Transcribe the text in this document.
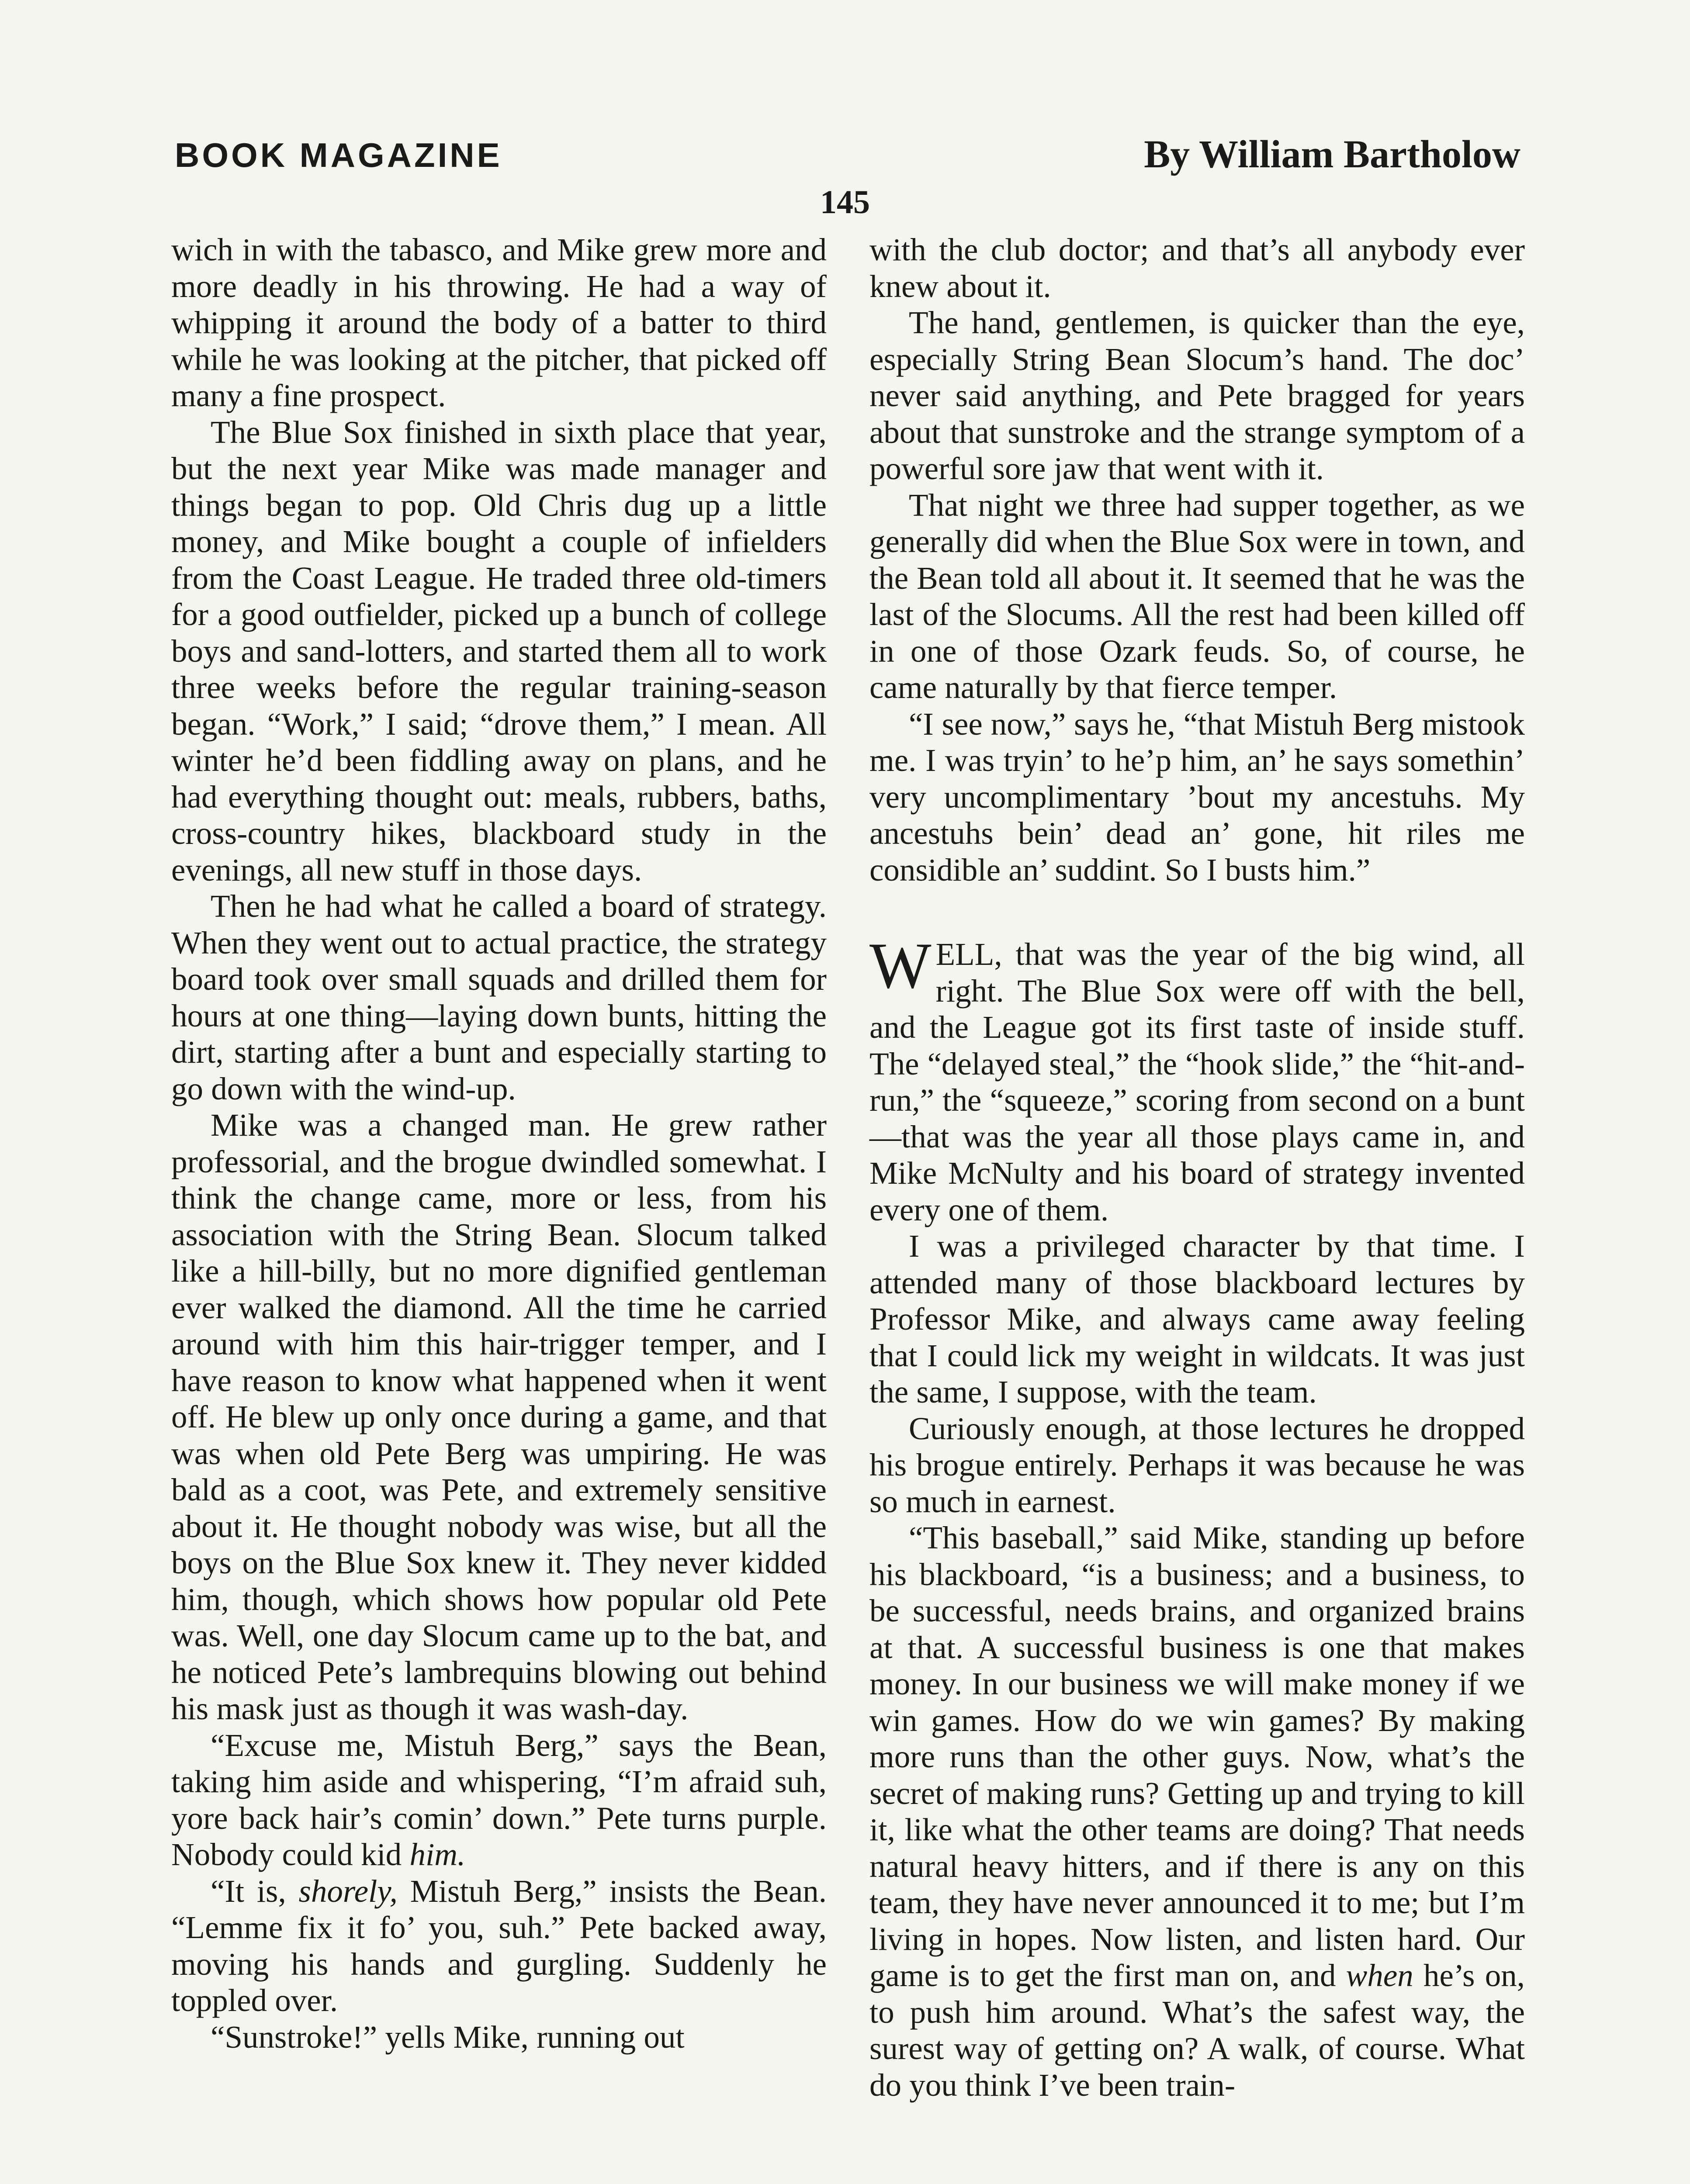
BOOK MAGAZINE	By William Bartholow
145

wich in with the tabasco, and Mike grew more and more deadly in his throwing. He had a way of whipping it around the body of a batter to third while he was looking at the pitcher, that picked off many a fine prospect.

The Blue Sox finished in sixth place that year, but the next year Mike was made manager and things began to pop. Old Chris dug up a little money, and Mike bought a couple of infielders from the Coast League. He traded three old-timers for a good outfielder, picked up a bunch of college boys and sand-lotters, and started them all to work three weeks before the regular training-season began. “Work,” I said; “drove them,” I mean. All winter he’d been fiddling away on plans, and he had everything thought out: meals, rubbers, baths, cross-country hikes, blackboard study in the evenings, all new stuff in those days.

Then he had what he called a board of strategy. When they went out to actual practice, the strategy board took over small squads and drilled them for hours at one thing—laying down bunts, hitting the dirt, starting after a bunt and especially starting to go down with the wind-up.

Mike was a changed man. He grew rather professorial, and the brogue dwindled somewhat. I think the change came, more or less, from his association with the String Bean. Slocum talked like a hill-billy, but no more dignified gentleman ever walked the diamond. All the time he carried around with him this hair-trigger temper, and I have reason to know what happened when it went off. He blew up only once during a game, and that was when old Pete Berg was umpiring. He was bald as a coot, was Pete, and extremely sensitive about it. He thought nobody was wise, but all the boys on the Blue Sox knew it. They never kidded him, though, which shows how popular old Pete was. Well, one day Slocum came up to the bat, and he noticed Pete’s lambrequins blowing out behind his mask just as though it was wash-day.

“Excuse me, Mistuh Berg,” says the Bean, taking him aside and whispering, “I’m afraid suh, yore back hair’s comin’ down.” Pete turns purple. Nobody could kid him.

“It is, shorely, Mistuh Berg,” insists the Bean. “Lemme fix it fo’ you, suh.” Pete backed away, moving his hands and gurgling. Suddenly he toppled over.

“Sunstroke!” yells Mike, running out

with the club doctor; and that’s all anybody ever knew about it.

The hand, gentlemen, is quicker than the eye, especially String Bean Slocum’s hand. The doc’ never said anything, and Pete bragged for years about that sunstroke and the strange symptom of a powerful sore jaw that went with it.

That night we three had supper together, as we generally did when the Blue Sox were in town, and the Bean told all about it. It seemed that he was the last of the Slocums. All the rest had been killed off in one of those Ozark feuds. So, of course, he came naturally by that fierce temper.

“I see now,” says he, “that Mistuh Berg mistook me. I was tryin’ to he’p him, an’ he says somethin’ very uncomplimentary ’bout my ancestuhs. My ancestuhs bein’ dead an’ gone, hit riles me considible an’ suddint. So I busts him.”

WELL, that was the year of the big wind, all right. The Blue Sox were off with the bell, and the League got its first taste of inside stuff. The “delayed steal,” the “hook slide,” the “hit-and-run,” the “squeeze,” scoring from second on a bunt—that was the year all those plays came in, and Mike McNulty and his board of strategy invented every one of them.

I was a privileged character by that time. I attended many of those blackboard lectures by Professor Mike, and always came away feeling that I could lick my weight in wildcats. It was just the same, I suppose, with the team.

Curiously enough, at those lectures he dropped his brogue entirely. Perhaps it was because he was so much in earnest.

“This baseball,” said Mike, standing up before his blackboard, “is a business; and a business, to be successful, needs brains, and organized brains at that. A successful business is one that makes money. In our business we will make money if we win games. How do we win games? By making more runs than the other guys. Now, what’s the secret of making runs? Getting up and trying to kill it, like what the other teams are doing? That needs natural heavy hitters, and if there is any on this team, they have never announced it to me; but I’m living in hopes. Now listen, and listen hard. Our game is to get the first man on, and when he’s on, to push him around. What’s the safest way, the surest way of getting on? A walk, of course. What do you think I’ve been train-
